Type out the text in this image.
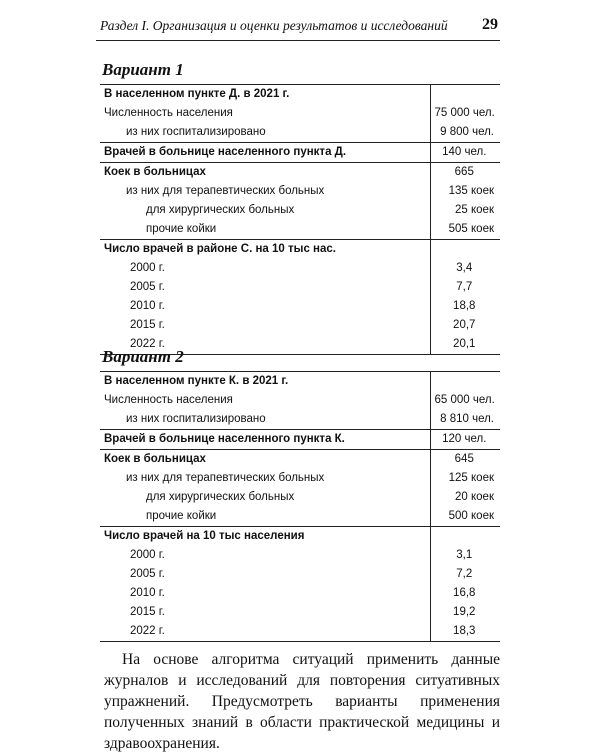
Раздел I. Организация и оценки результатов и исследований 29
Вариант 1
В населенном пункте Д. в 2021 г.	
Численность населения	75 000 чел.
из них госпитализировано	9 800 чел.
Врачей в больнице населенного пункта Д.	140 чел.
Коек в больницах	665
из них для терапевтических больных	135 коек
для хирургических больных	25 коек
прочие койки	505 коек
Число врачей в районе С. на 10 тыс нас.	
2000 г.	3,4
2005 г.	7,7
2010 г.	18,8
2015 г.	20,7
2022 г.	20,1
Вариант 2
В населенном пункте К. в 2021 г.	
Численность населения	65 000 чел.
из них госпитализировано	8 810 чел.
Врачей в больнице населенного пункта К.	120 чел.
Коек в больницах	645
из них для терапевтических больных	125 коек
для хирургических больных	20 коек
прочие койки	500 коек
Число врачей на 10 тыс населения	
2000 г.	3,1
2005 г.	7,2
2010 г.	16,8
2015 г.	19,2
2022 г.	18,3

На основе алгоритма ситуаций применить данные журналов и исследований для повторения ситуативных упражнений. Предусмотреть варианты применения полученных знаний в области практической медицины и здравоохранения.
